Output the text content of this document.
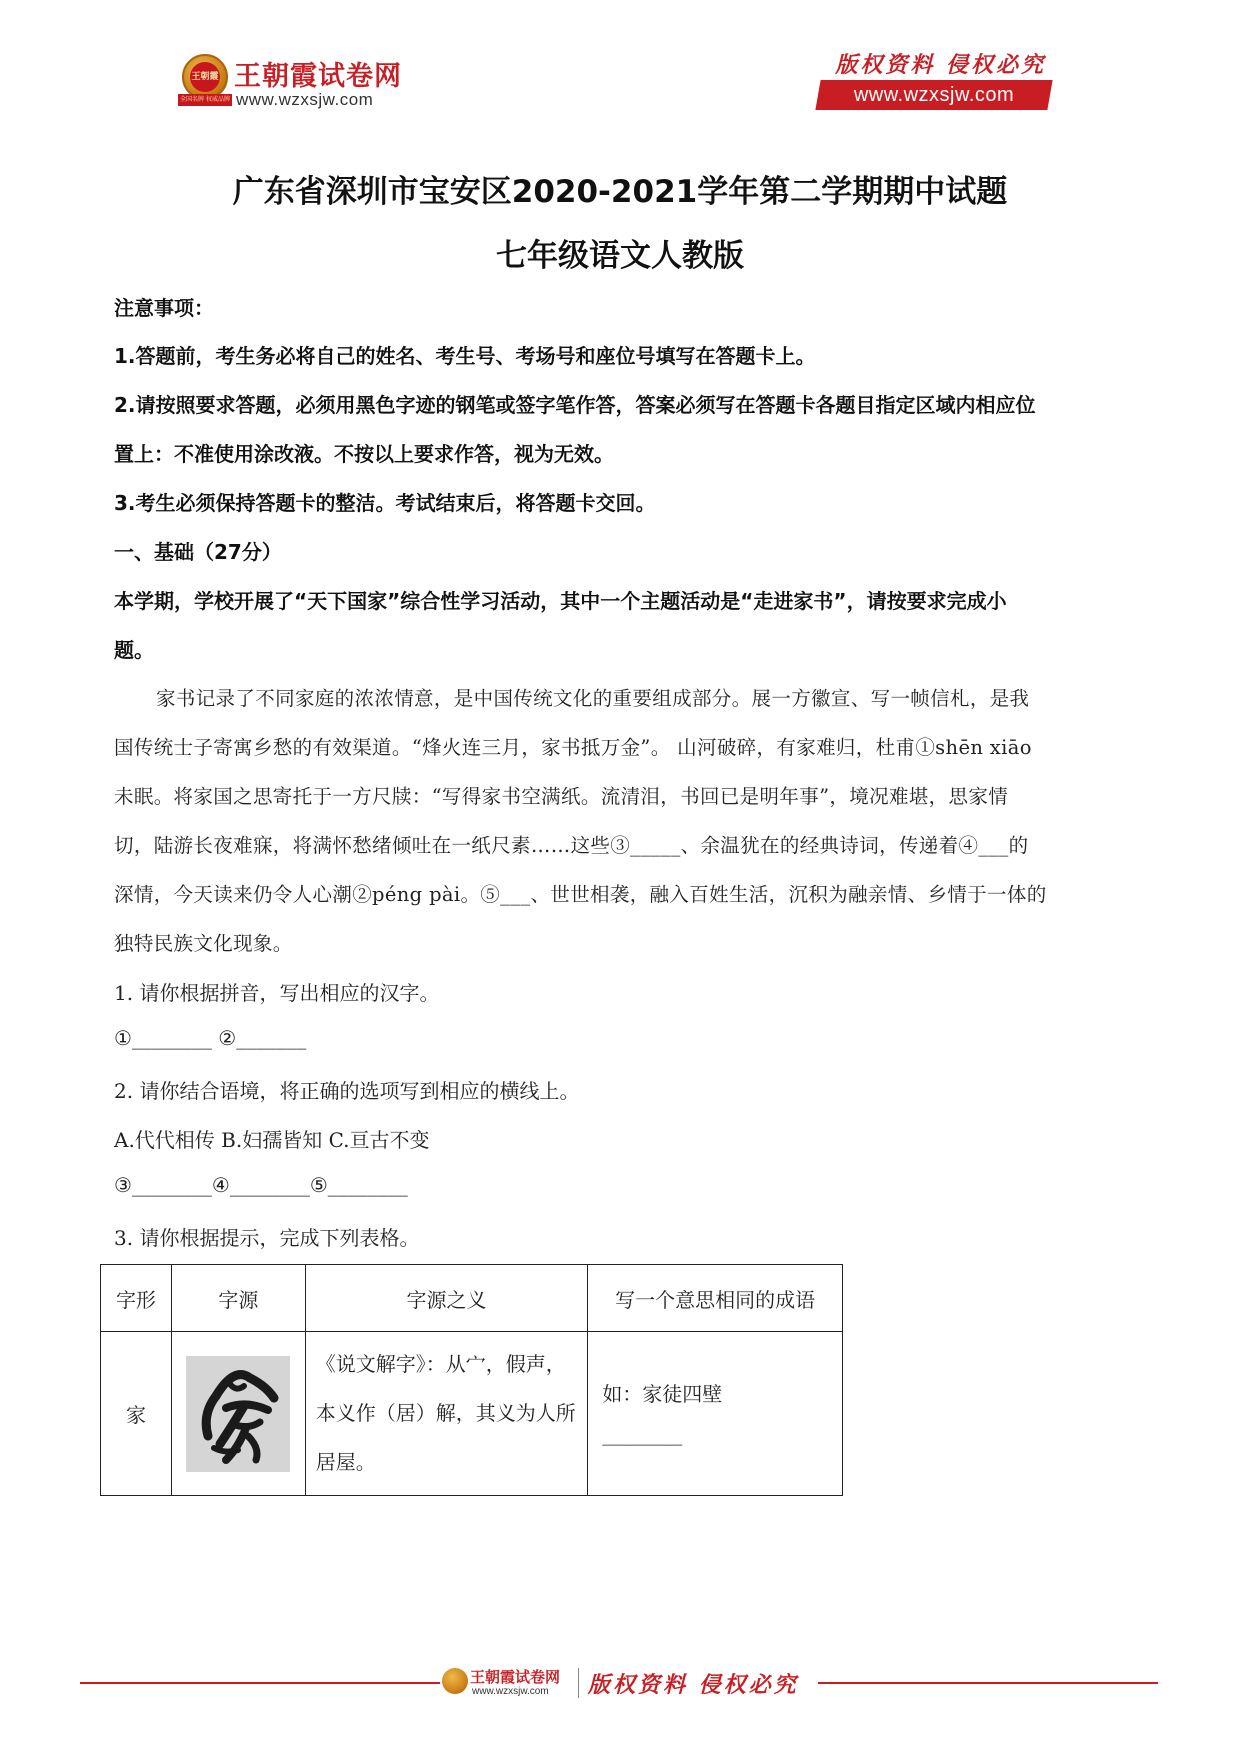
王朝霞
全国名牌 权威品牌
王朝霞试卷网
www.wzxsjw.com
版权资料 侵权必究
www.wzxsjw.com
广东省深圳市宝安区2020-2021学年第二学期期中试题
七年级语文人教版
注意事项：
1.答题前，考生务必将自己的姓名、考生号、考场号和座位号填写在答题卡上。
2.请按照要求答题，必须用黑色字迹的钢笔或签字笔作答，答案必须写在答题卡各题目指定区域内相应位
置上：不准使用涂改液。不按以上要求作答，视为无效。
3.考生必须保持答题卡的整洁。考试结束后，将答题卡交回。
一、基础（27分）
本学期，学校开展了“天下国家”综合性学习活动，其中一个主题活动是“走进家书”，请按要求完成小
题。
家书记录了不同家庭的浓浓情意，是中国传统文化的重要组成部分。展一方徽宣、写一帧信札，是我
国传统士子寄寓乡愁的有效渠道。“烽火连三月，家书抵万金”。 山河破碎，有家难归，杜甫①shēn xiāo
未眠。将家国之思寄托于一方尺牍：“写得家书空满纸。流清泪，书回已是明年事”，境况难堪，思家情
切，陆游长夜难寐，将满怀愁绪倾吐在一纸尺素……这些③_____、余温犹在的经典诗词，传递着④___的
深情，今天读来仍令人心潮②péng pài。⑤___、世世相袭，融入百姓生活，沉积为融亲情、乡情于一体的
独特民族文化现象。
1. 请你根据拼音，写出相应的汉字。
①________ ②_______
2. 请你结合语境，将正确的选项写到相应的横线上。
A.代代相传 B.妇孺皆知 C.亘古不变
③________④________⑤________
3. 请你根据提示，完成下列表格。
字形	字源	字源之义	写一个意思相同的成语
家		《说文解字》：从宀，假声，本义作（居）解，其义为人所居屋。	如：家徒四壁
________
王朝霞试卷网
www.wzxsjw.com 版权资料 侵权必究
